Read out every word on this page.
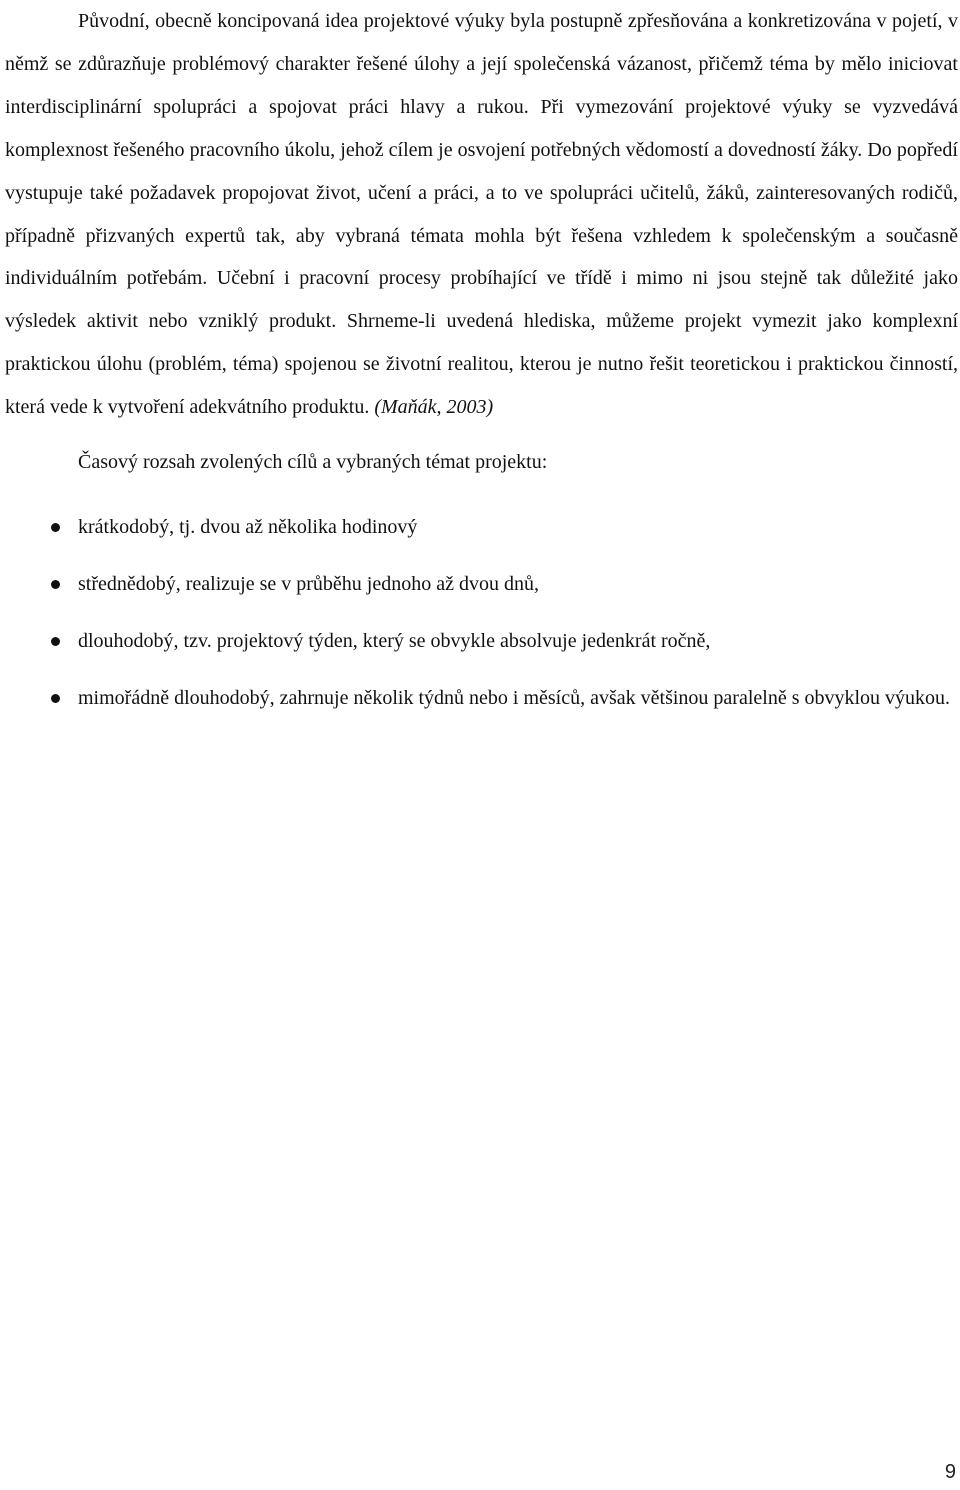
Původní, obecně koncipovaná idea projektové výuky byla postupně zpřesňována a konkretizována v pojetí, v němž se zdůrazňuje problémový charakter řešené úlohy a její společenská vázanost, přičemž téma by mělo iniciovat interdisciplinární spolupráci a spojovat práci hlavy a rukou. Při vymezování projektové výuky se vyzvedává komplexnost řešeného pracovního úkolu, jehož cílem je osvojení potřebných vědomostí a dovedností žáky. Do popředí vystupuje také požadavek propojovat život, učení a práci, a to ve spolupráci učitelů, žáků, zainteresovaných rodičů, případně přizvaných expertů tak, aby vybraná témata mohla být řešena vzhledem k společenským a současně individuálním potřebám. Učební i pracovní procesy probíhající ve třídě i mimo ni jsou stejně tak důležité jako výsledek aktivit nebo vzniklý produkt. Shrneme-li uvedená hlediska, můžeme projekt vymezit jako komplexní praktickou úlohu (problém, téma) spojenou se životní realitou, kterou je nutno řešit teoretickou i praktickou činností, která vede k vytvoření adekvátního produktu. (Maňák, 2003)

Časový rozsah zvolených cílů a vybraných témat projektu:

krátkodobý, tj. dvou až několika hodinový
střednědobý, realizuje se v průběhu jednoho až dvou dnů,
dlouhodobý, tzv. projektový týden, který se obvykle absolvuje jedenkrát ročně,
mimořádně dlouhodobý, zahrnuje několik týdnů nebo i měsíců, avšak většinou paralelně s obvyklou výukou.
9
